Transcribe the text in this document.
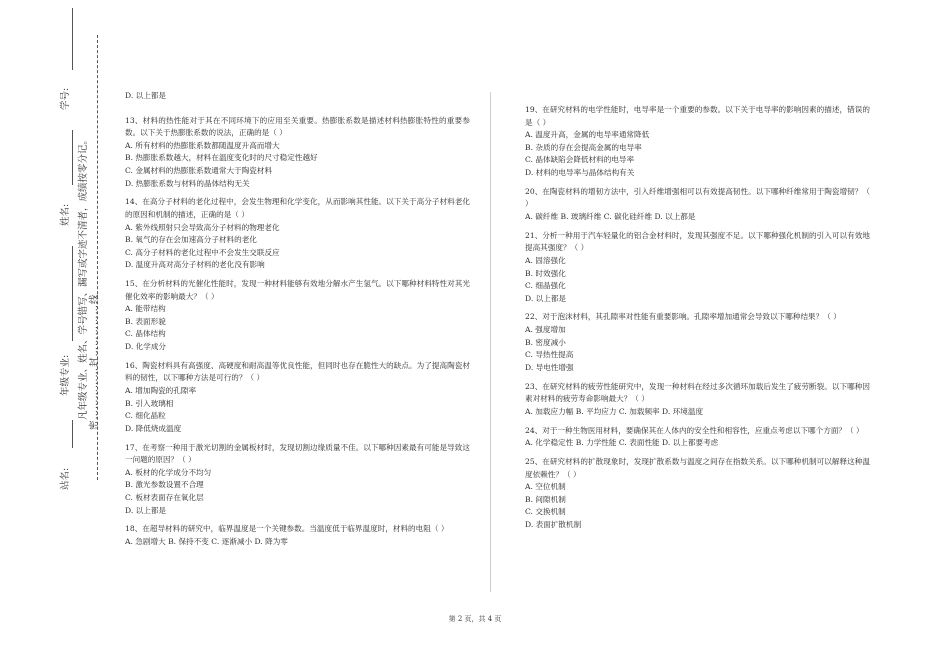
学号:
姓名:
年级专业:
站名:
凡年级专业、姓名、学号错写、漏写或字迹不清者，成绩按零分记。 密……………封……………线
D. 以上都是
13、材料的热性能对于其在不同环境下的应用至关重要。热膨胀系数是描述材料热膨胀特性的重要参数。以下关于热膨胀系数的说法，正确的是（ ）
A. 所有材料的热膨胀系数都随温度升高而增大
B. 热膨胀系数越大，材料在温度变化时的尺寸稳定性越好
C. 金属材料的热膨胀系数通常大于陶瓷材料
D. 热膨胀系数与材料的晶体结构无关
14、在高分子材料的老化过程中，会发生物理和化学变化，从而影响其性能。以下关于高分子材料老化的原因和机制的描述，正确的是（ ）
A. 紫外线照射只会导致高分子材料的物理老化
B. 氧气的存在会加速高分子材料的老化
C. 高分子材料的老化过程中不会发生交联反应
D. 温度升高对高分子材料的老化没有影响
15、在分析材料的光催化性能时，发现一种材料能够有效地分解水产生氢气。以下哪种材料特性对其光催化效率的影响最大？（ ）
A. 能带结构
B. 表面形貌
C. 晶体结构
D. 化学成分
16、陶瓷材料具有高强度、高硬度和耐高温等优良性能，但同时也存在脆性大的缺点。为了提高陶瓷材料的韧性，以下哪种方法是可行的？（ ）
A. 增加陶瓷的孔隙率
B. 引入玻璃相
C. 细化晶粒
D. 降低烧成温度
17、在考察一种用于激光切割的金属板材时，发现切割边缘质量不佳。以下哪种因素最有可能是导致这一问题的原因？（ ）
A. 板材的化学成分不均匀
B. 激光参数设置不合理
C. 板材表面存在氧化层
D. 以上都是
18、在超导材料的研究中，临界温度是一个关键参数。当温度低于临界温度时，材料的电阻（ ）
A. 急剧增大 B. 保持不变 C. 逐渐减小 D. 降为零
19、在研究材料的电学性能时，电导率是一个重要的参数。以下关于电导率的影响因素的描述，错误的是（ ）
A. 温度升高，金属的电导率通常降低
B. 杂质的存在会提高金属的电导率
C. 晶体缺陷会降低材料的电导率
D. 材料的电导率与晶体结构有关
20、在陶瓷材料的增韧方法中，引入纤维增强相可以有效提高韧性。以下哪种纤维常用于陶瓷增韧？（ ）
A. 碳纤维 B. 玻璃纤维 C. 碳化硅纤维 D. 以上都是
21、分析一种用于汽车轻量化的铝合金材料时，发现其强度不足。以下哪种强化机制的引入可以有效地提高其强度？（ ）
A. 固溶强化
B. 时效强化
C. 细晶强化
D. 以上都是
22、对于泡沫材料，其孔隙率对性能有重要影响。孔隙率增加通常会导致以下哪种结果？（ ）
A. 强度增加
B. 密度减小
C. 导热性提高
D. 导电性增强
23、在研究材料的疲劳性能研究中，发现一种材料在经过多次循环加载后发生了疲劳断裂。以下哪种因素对材料的疲劳寿命影响最大？（ ）
A. 加载应力幅 B. 平均应力 C. 加载频率 D. 环境温度
24、对于一种生物医用材料，要确保其在人体内的安全性和相容性，应重点考虑以下哪个方面？（ ）
A. 化学稳定性 B. 力学性能 C. 表面性能 D. 以上都要考虑
25、在研究材料的扩散现象时，发现扩散系数与温度之间存在指数关系。以下哪种机制可以解释这种温度依赖性？（ ）
A. 空位机制
B. 间隙机制
C. 交换机制
D. 表面扩散机制
第 2 页，共 4 页
